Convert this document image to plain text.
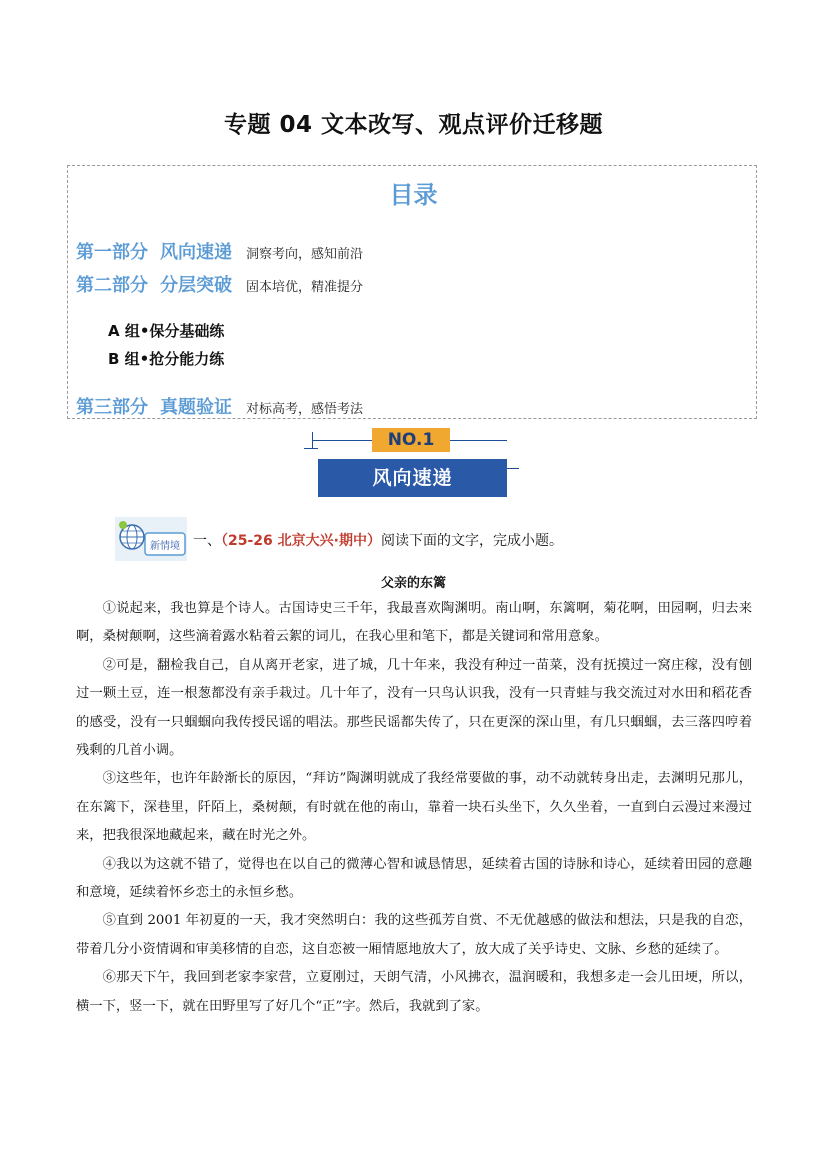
专题 04 文本改写、观点评价迁移题
目录
第一部分 风向速递 洞察考向，感知前沿
第二部分 分层突破 固本培优，精准提分
A 组•保分基础练
B 组•抢分能力练
第三部分 真题验证 对标高考，感悟考法
NO.1
风向速递
新情境 一、（25-26 北京大兴·期中）阅读下面的文字，完成小题。
父亲的东篱

①说起来，我也算是个诗人。古国诗史三千年，我最喜欢陶渊明。南山啊，东篱啊，菊花啊，田园啊，归去来啊，桑树颠啊，这些滴着露水粘着云絮的词儿，在我心里和笔下，都是关键词和常用意象。

②可是，翻检我自己，自从离开老家，进了城，几十年来，我没有种过一苗菜，没有抚摸过一窝庄稼，没有刨过一颗土豆，连一根葱都没有亲手栽过。几十年了，没有一只鸟认识我，没有一只青蛙与我交流过对水田和稻花香的感受，没有一只蝈蝈向我传授民谣的唱法。那些民谣都失传了，只在更深的深山里，有几只蝈蝈，去三落四哼着残剩的几首小调。

③这些年，也许年龄渐长的原因，“拜访”陶渊明就成了我经常要做的事，动不动就转身出走，去渊明兄那儿，在东篱下，深巷里，阡陌上，桑树颠，有时就在他的南山，靠着一块石头坐下，久久坐着，一直到白云漫过来漫过来，把我很深地藏起来，藏在时光之外。

④我以为这就不错了，觉得也在以自己的微薄心智和诚恳情思，延续着古国的诗脉和诗心，延续着田园的意趣和意境，延续着怀乡恋土的永恒乡愁。

⑤直到 2001 年初夏的一天，我才突然明白：我的这些孤芳自赏、不无优越感的做法和想法，只是我的自恋，带着几分小资情调和审美移情的自恋，这自恋被一厢情愿地放大了，放大成了关乎诗史、文脉、乡愁的延续了。

⑥那天下午，我回到老家李家营，立夏刚过，天朗气清，小风拂衣，温润暖和，我想多走一会儿田埂，所以，横一下，竖一下，就在田野里写了好几个“正”字。然后，我就到了家。
